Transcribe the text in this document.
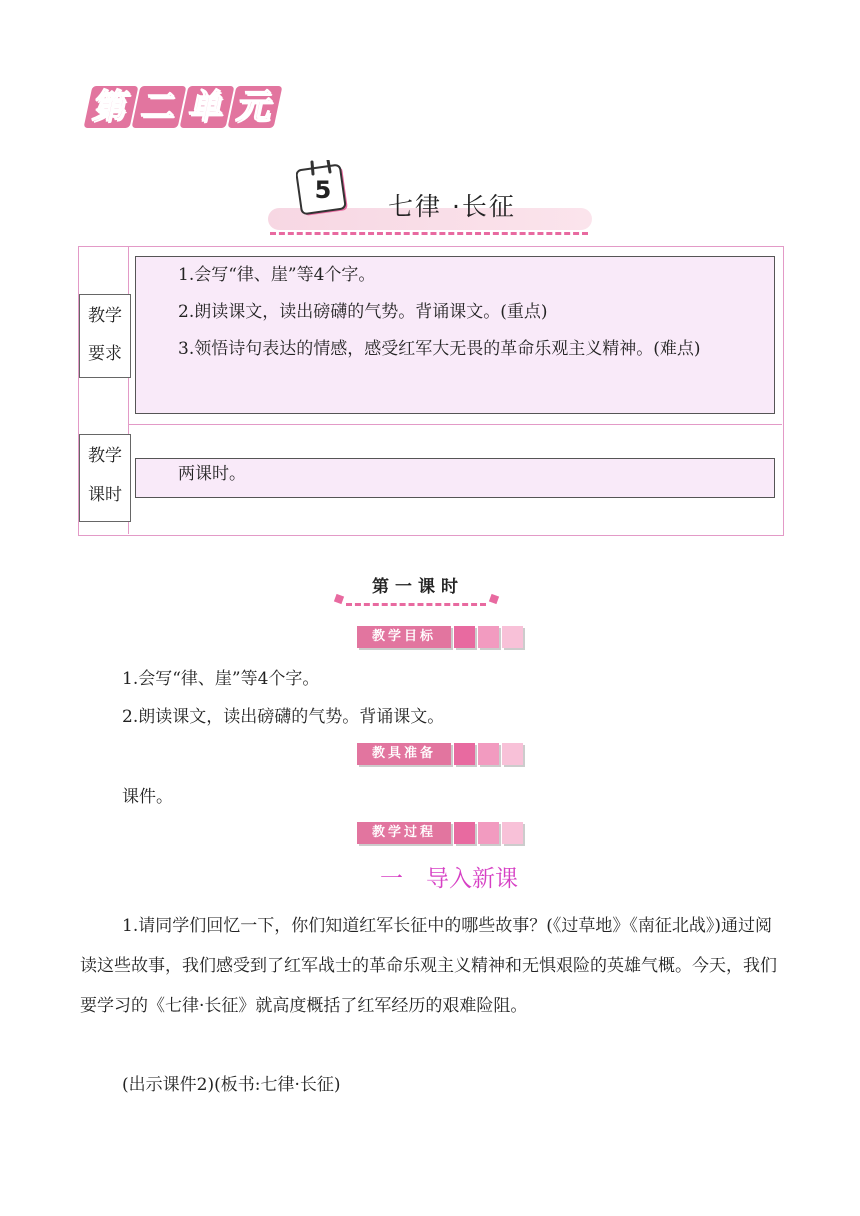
第 二 单 元
5
七律 ·长征
教学
要求

1.会写“律、崖”等4个字。

2.朗读课文，读出磅礴的气势。背诵课文。(重点)

3.领悟诗句表达的情感，感受红军大无畏的革命乐观主义精神。(难点)

教学
课时

两课时。

第一课时
教学目标

1.会写“律、崖”等4个字。

2.朗读课文，读出磅礴的气势。背诵课文。

教具准备

课件。

教学过程
一　导入新课

1.请同学们回忆一下，你们知道红军长征中的哪些故事？(《过草地》《南征北战》)通过阅读这些故事，我们感受到了红军战士的革命乐观主义精神和无惧艰险的英雄气概。今天，我们要学习的《七律·长征》就高度概括了红军经历的艰难险阻。

(出示课件2)(板书:七律·长征)
